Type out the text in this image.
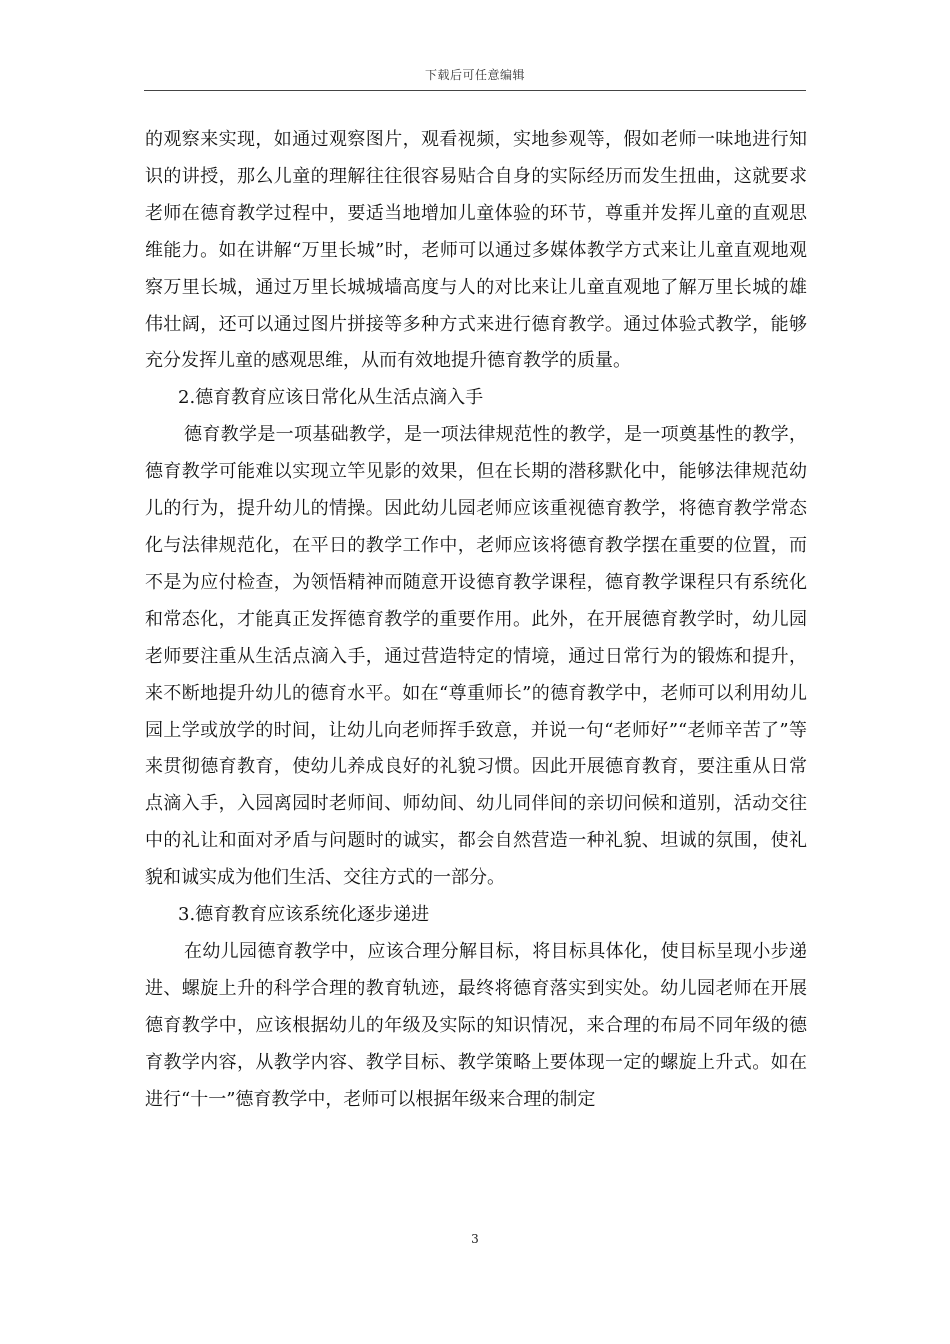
下载后可任意编辑

的观察来实现，如通过观察图片，观看视频，实地参观等，假如老师一味地进行知识的讲授，那么儿童的理解往往很容易贴合自身的实际经历而发生扭曲，这就要求老师在德育教学过程中，要适当地增加儿童体验的环节，尊重并发挥儿童的直观思维能力。如在讲解“万里长城”时，老师可以通过多媒体教学方式来让儿童直观地观察万里长城，通过万里长城城墙高度与人的对比来让儿童直观地了解万里长城的雄伟壮阔，还可以通过图片拼接等多种方式来进行德育教学。通过体验式教学，能够充分发挥儿童的感观思维，从而有效地提升德育教学的质量。

2.德育教育应该日常化从生活点滴入手

德育教学是一项基础教学，是一项法律规范性的教学，是一项奠基性的教学，德育教学可能难以实现立竿见影的效果，但在长期的潜移默化中，能够法律规范幼儿的行为，提升幼儿的情操。因此幼儿园老师应该重视德育教学，将德育教学常态化与法律规范化，在平日的教学工作中，老师应该将德育教学摆在重要的位置，而不是为应付检查，为领悟精神而随意开设德育教学课程，德育教学课程只有系统化和常态化，才能真正发挥德育教学的重要作用。此外，在开展德育教学时，幼儿园老师要注重从生活点滴入手，通过营造特定的情境，通过日常行为的锻炼和提升，来不断地提升幼儿的德育水平。如在“尊重师长”的德育教学中，老师可以利用幼儿园上学或放学的时间，让幼儿向老师挥手致意，并说一句“老师好”“老师辛苦了”等来贯彻德育教育，使幼儿养成良好的礼貌习惯。因此开展德育教育，要注重从日常点滴入手，入园离园时老师间、师幼间、幼儿同伴间的亲切问候和道别，活动交往中的礼让和面对矛盾与问题时的诚实，都会自然营造一种礼貌、坦诚的氛围，使礼貌和诚实成为他们生活、交往方式的一部分。

3.德育教育应该系统化逐步递进

在幼儿园德育教学中，应该合理分解目标，将目标具体化，使目标呈现小步递进、螺旋上升的科学合理的教育轨迹，最终将德育落实到实处。幼儿园老师在开展德育教学中，应该根据幼儿的年级及实际的知识情况，来合理的布局不同年级的德育教学内容，从教学内容、教学目标、教学策略上要体现一定的螺旋上升式。如在进行“十一”德育教学中，老师可以根据年级来合理的制定

3
